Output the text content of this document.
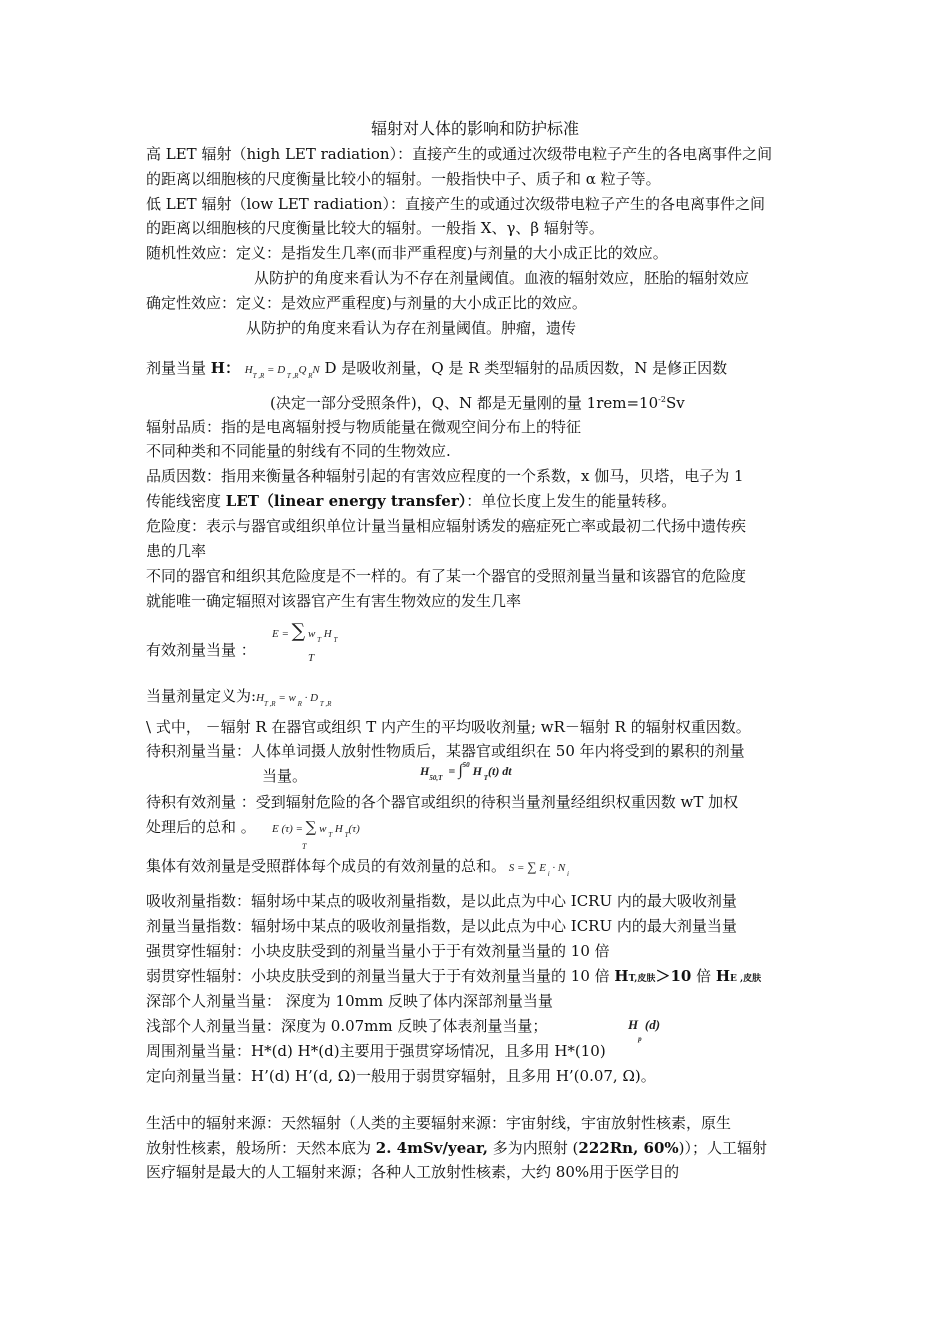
辐射对人体的影响和防护标准
高 LET 辐射（high LET radiation）：直接产生的或通过次级带电粒子产生的各电离事件之间
的距离以细胞核的尺度衡量比较小的辐射。一般指快中子、质子和 α 粒子等。
低 LET 辐射（low LET radiation）：直接产生的或通过次级带电粒子产生的各电离事件之间
的距离以细胞核的尺度衡量比较大的辐射。一般指 X、γ、β 辐射等。
随机性效应：定义：是指发生几率(而非严重程度)与剂量的大小成正比的效应。
从防护的角度来看认为不存在剂量阈值。血液的辐射效应，胚胎的辐射效应
确定性效应：定义：是效应严重程度)与剂量的大小成正比的效应。
从防护的角度来看认为存在剂量阈值。肿瘤，遗传
剂量当量 H： $H_{T ,R} = D$ $_{T ,R}$Q $_R$N D 是吸收剂量，Q 是 R 类型辐射的品质因数，N 是修正因数
(决定一部分受照条件)，Q、N 都是无量刚的量 $1rem=10^{-2}Sv$
辐射品质：指的是电离辐射授与物质能量在微观空间分布上的特征
不同种类和不同能量的射线有不同的生物效应.
品质因数：指用来衡量各种辐射引起的有害效应程度的一个系数，x 伽马，贝塔，电子为 1
传能线密度 LET（linear energy transfer）：单位长度上发生的能量转移。
危险度：表示与器官或组织单位计量当量相应辐射诱发的癌症死亡率或最初二代扬中遗传疾
患的几率
不同的器官和组织其危险度是不一样的。有了某一个器官的受照剂量当量和该器官的危险度
就能唯一确定辐照对该器官产生有害生物效应的发生几率
E = ∑ w $_T$ H $_T$
T
有效剂量当量 ：
当量剂量定义为$:H_{T ,R} = w$ $_R$ · D $_{T ,R}$
\ 式中， －辐射 R 在器官或组织 T 内产生的平均吸收剂量; wR－辐射 R 的辐射权重因数。
待积剂量当量：人体单词摄人放射性物质后，某器官或组织在 50 年内将受到的累积的剂量
当量。	$H_{50,T} = \int^{50}$ H $_T$(t) dt
待积有效剂量 ：受到辐射危险的各个器官或组织的待积当量剂量经组织权重因数 wT 加权
处理后的总和 。 E (τ) = ∑ w $_T$ H $_T$(τ)
T
集体有效剂量是受照群体每个成员的有效剂量的总和。 S = ∑ E $_i$ · N $_i$
吸收剂量指数：辐射场中某点的吸收剂量指数，是以此点为中心 ICRU 内的最大吸收剂量
剂量当量指数：辐射场中某点的吸收剂量指数，是以此点为中心 ICRU 内的最大剂量当量
强贯穿性辐射：小块皮肤受到的剂量当量小于于有效剂量当量的 10 倍
弱贯穿性辐射：小块皮肤受到的剂量当量大于于有效剂量当量的 10 倍 HT,皮肤＞10 倍 HE ,皮肤
深部个人剂量当量： 深度为 10mm 反映了体内深部剂量当量
浅部个人剂量当量：深度为 0.07mm 反映了体表剂量当量；	$H_p$ (d)
周围剂量当量：H*(d) H*(d)主要用于强贯穿场情况，且多用 H*(10)
定向剂量当量：H’(d) H’(d, Ω)一般用于弱贯穿辐射，且多用 H’(0.07, Ω)。
生活中的辐射来源：天然辐射（人类的主要辐射来源：宇宙射线，宇宙放射性核素，原生
放射性核素，般场所：天然本底为 2. 4mSv/year, 多为内照射 (222Rn, 60%)）；人工辐射
医疗辐射是最大的人工辐射来源；各种人工放射性核素，大约 80%用于医学目的
